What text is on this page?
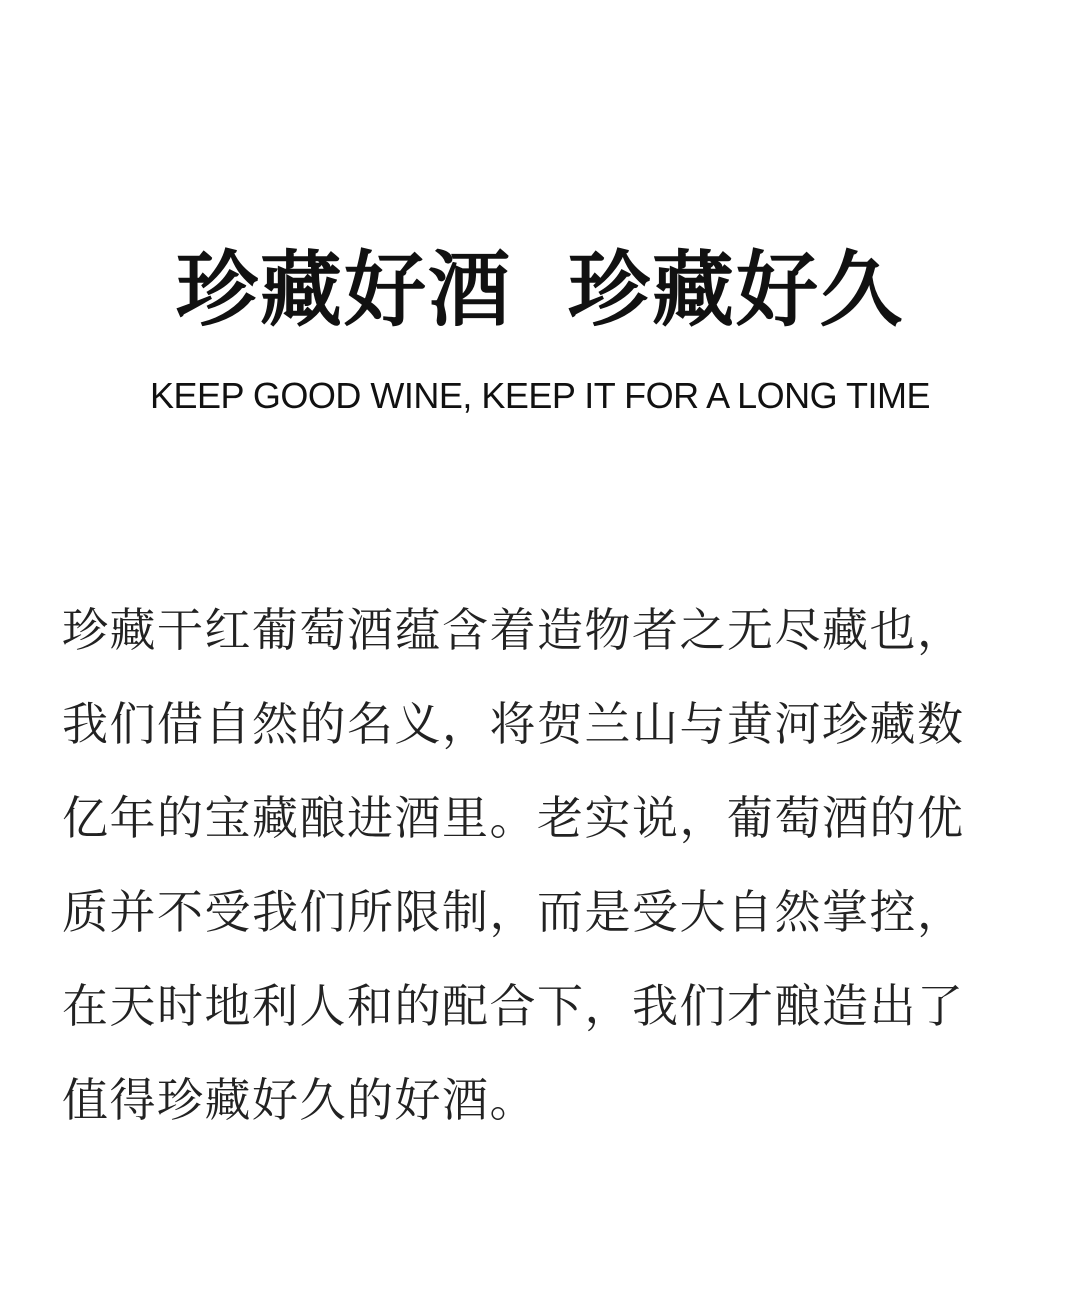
珍藏好酒 珍藏好久
KEEP GOOD WINE, KEEP IT FOR A LONG TIME
珍藏干红葡萄酒蕴含着造物者之无尽藏也，
我们借自然的名义，将贺兰山与黄河珍藏数
亿年的宝藏酿进酒里。老实说，葡萄酒的优
质并不受我们所限制，而是受大自然掌控，
在天时地利人和的配合下，我们才酿造出了
值得珍藏好久的好酒。
